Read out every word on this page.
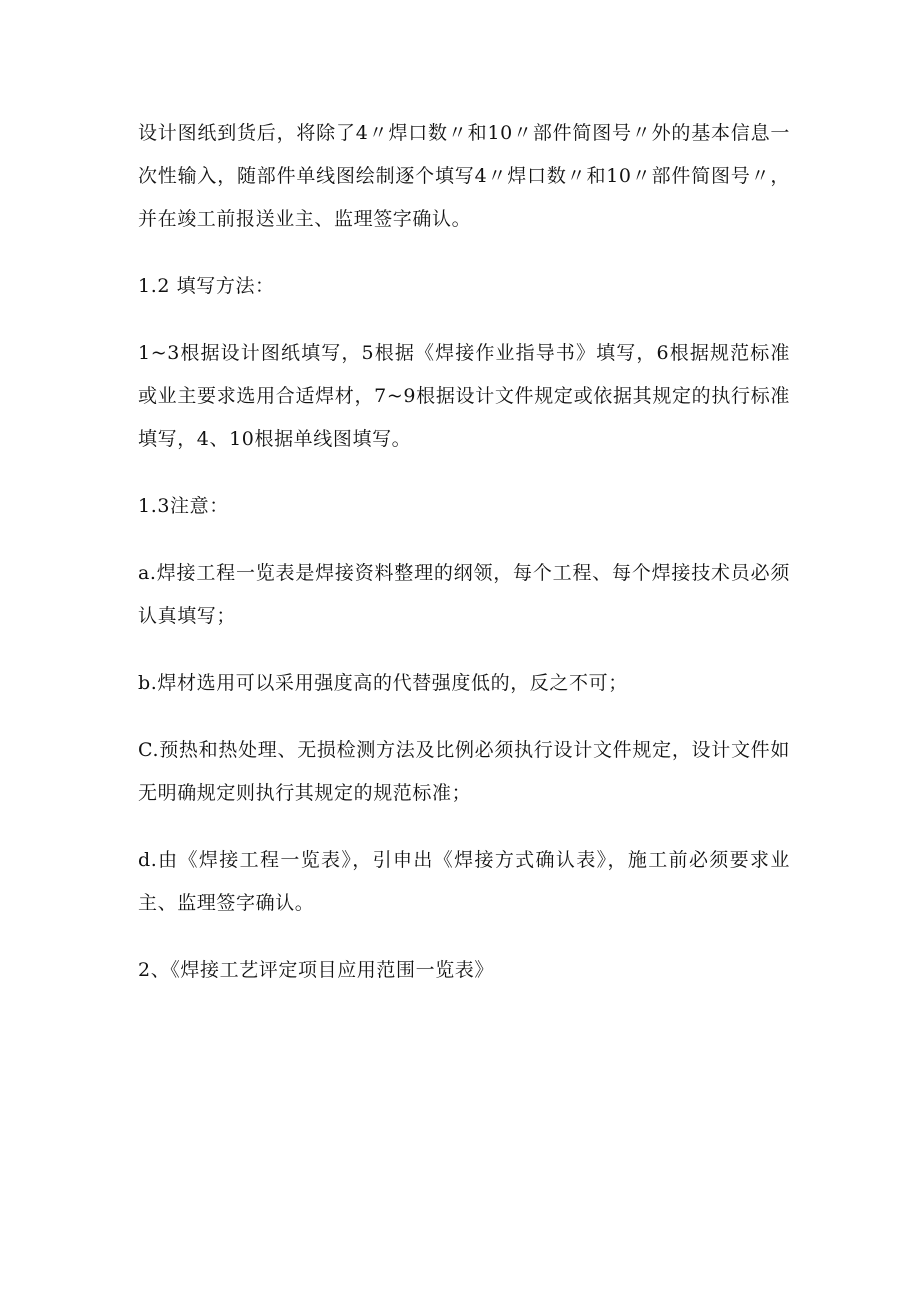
设计图纸到货后，将除了4〃焊口数〃和10〃部件简图号〃外的基本信息一次性输入，随部件单线图绘制逐个填写4〃焊口数〃和10〃部件简图号〃，并在竣工前报送业主、监理签字确认。

1.2 填写方法：

1~3根据设计图纸填写，5根据《焊接作业指导书》填写，6根据规范标准或业主要求选用合适焊材，7~9根据设计文件规定或依据其规定的执行标准填写，4、10根据单线图填写。

1.3注意：

a.焊接工程一览表是焊接资料整理的纲领，每个工程、每个焊接技术员必须认真填写；

b.焊材选用可以采用强度高的代替强度低的，反之不可；

C.预热和热处理、无损检测方法及比例必须执行设计文件规定，设计文件如无明确规定则执行其规定的规范标准；

d.由《焊接工程一览表》，引申出《焊接方式确认表》，施工前必须要求业主、监理签字确认。

2、《焊接工艺评定项目应用范围一览表》
